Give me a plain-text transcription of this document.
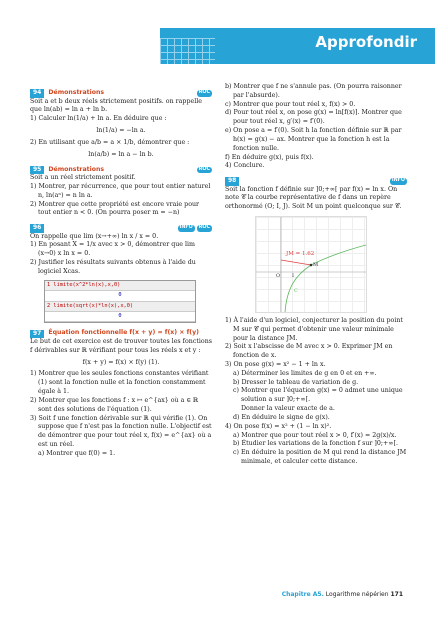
Approfondir
94	Démonstrations	ROC

Soit a et b deux réels strictement positifs. on rappelle que ln(ab) = ln a + ln b.

1) Calculer ln(1/a) + ln a. En déduire que :

ln(1/a) = −ln a.

2) En utilisant que a/b = a × 1/b, démontrer que :

ln(a/b) = ln a − ln b.

95	Démonstrations	ROC

Soit a un réel strictement positif.

1) Montrer, par récurrence, que pour tout entier naturel n, ln(aⁿ) = n ln a.

2) Montrer que cette propriété est encore vraie pour tout entier n < 0. (On pourra poser m = −n)

96	INFO	ROC

On rappelle que lim (x→+∞) ln x / x = 0.

1) En posant X = 1/x avec x > 0, démontrer que lim (x→0) x ln x = 0.

2) Justifier les résultats suivants obtenus à l'aide du logiciel Xcas.

1 limite(x^2*ln(x),x,0)
0
2 limite(sqrt(x)*ln(x),x,0)
0
97	Équation fonctionnelle f(x + y) = f(x) × f(y)

Le but de cet exercice est de trouver toutes les fonctions f dérivables sur ℝ vérifiant pour tous les réels x et y :

f(x + y) = f(x) × f(y) (1).

1) Montrer que les seules fonctions constantes vérifiant (1) sont la fonction nulle et la fonction constamment égale à 1.

2) Montrer que les fonctions f : x ↦ e^{ax} où a ∈ ℝ sont des solutions de l'équation (1).

3) Soit f une fonction dérivable sur ℝ qui vérifie (1). On suppose que f n'est pas la fonction nulle. L'objectif est de démontrer que pour tout réel x, f(x) = e^{ax} où a est un réel.

a) Montrer que f(0) = 1.

b) Montrer que f ne s'annule pas. (On pourra raisonner par l'absurde).

c) Montrer que pour tout réel x, f(x) > 0.

d) Pour tout réel x, on pose g(x) = ln[f(x)]. Montrer que pour tout réel x, g′(x) = f′(0).

e) On pose a = f′(0). Soit h la fonction définie sur ℝ par h(x) = g(x) − ax. Montrer que la fonction h est la fonction nulle.

f) En déduire g(x), puis f(x).

4) Conclure.

98	INFO

Soit la fonction f définie sur ]0;+∞[ par f(x) = ln x. On note 𝒞 la courbe représentative de f dans un repère orthonormé (O; I, J). Soit M un point quelconque sur 𝒞.

JM = 1.62
M
O I
C

1) À l'aide d'un logiciel, conjecturer la position du point M sur 𝒞 qui permet d'obtenir une valeur minimale pour la distance JM.

2) Soit x l'abscisse de M avec x > 0. Exprimer JM en fonction de x.

3) On pose g(x) = x² − 1 + ln x.

a) Déterminer les limites de g en 0 et en +∞.

b) Dresser le tableau de variation de g.

c) Montrer que l'équation g(x) = 0 admet une unique solution a sur ]0;+∞[.

Donner la valeur exacte de a.

d) En déduire le signe de g(x).

4) On pose f(x) = x² + (1 − ln x)².

a) Montrer que pour tout réel x > 0, f′(x) = 2g(x)/x.

b) Étudier les variations de la fonction f sur ]0;+∞[.

c) En déduire la position de M qui rend la distance JM minimale, et calculer cette distance.

Chapitre A5. Logarithme népérien 171
